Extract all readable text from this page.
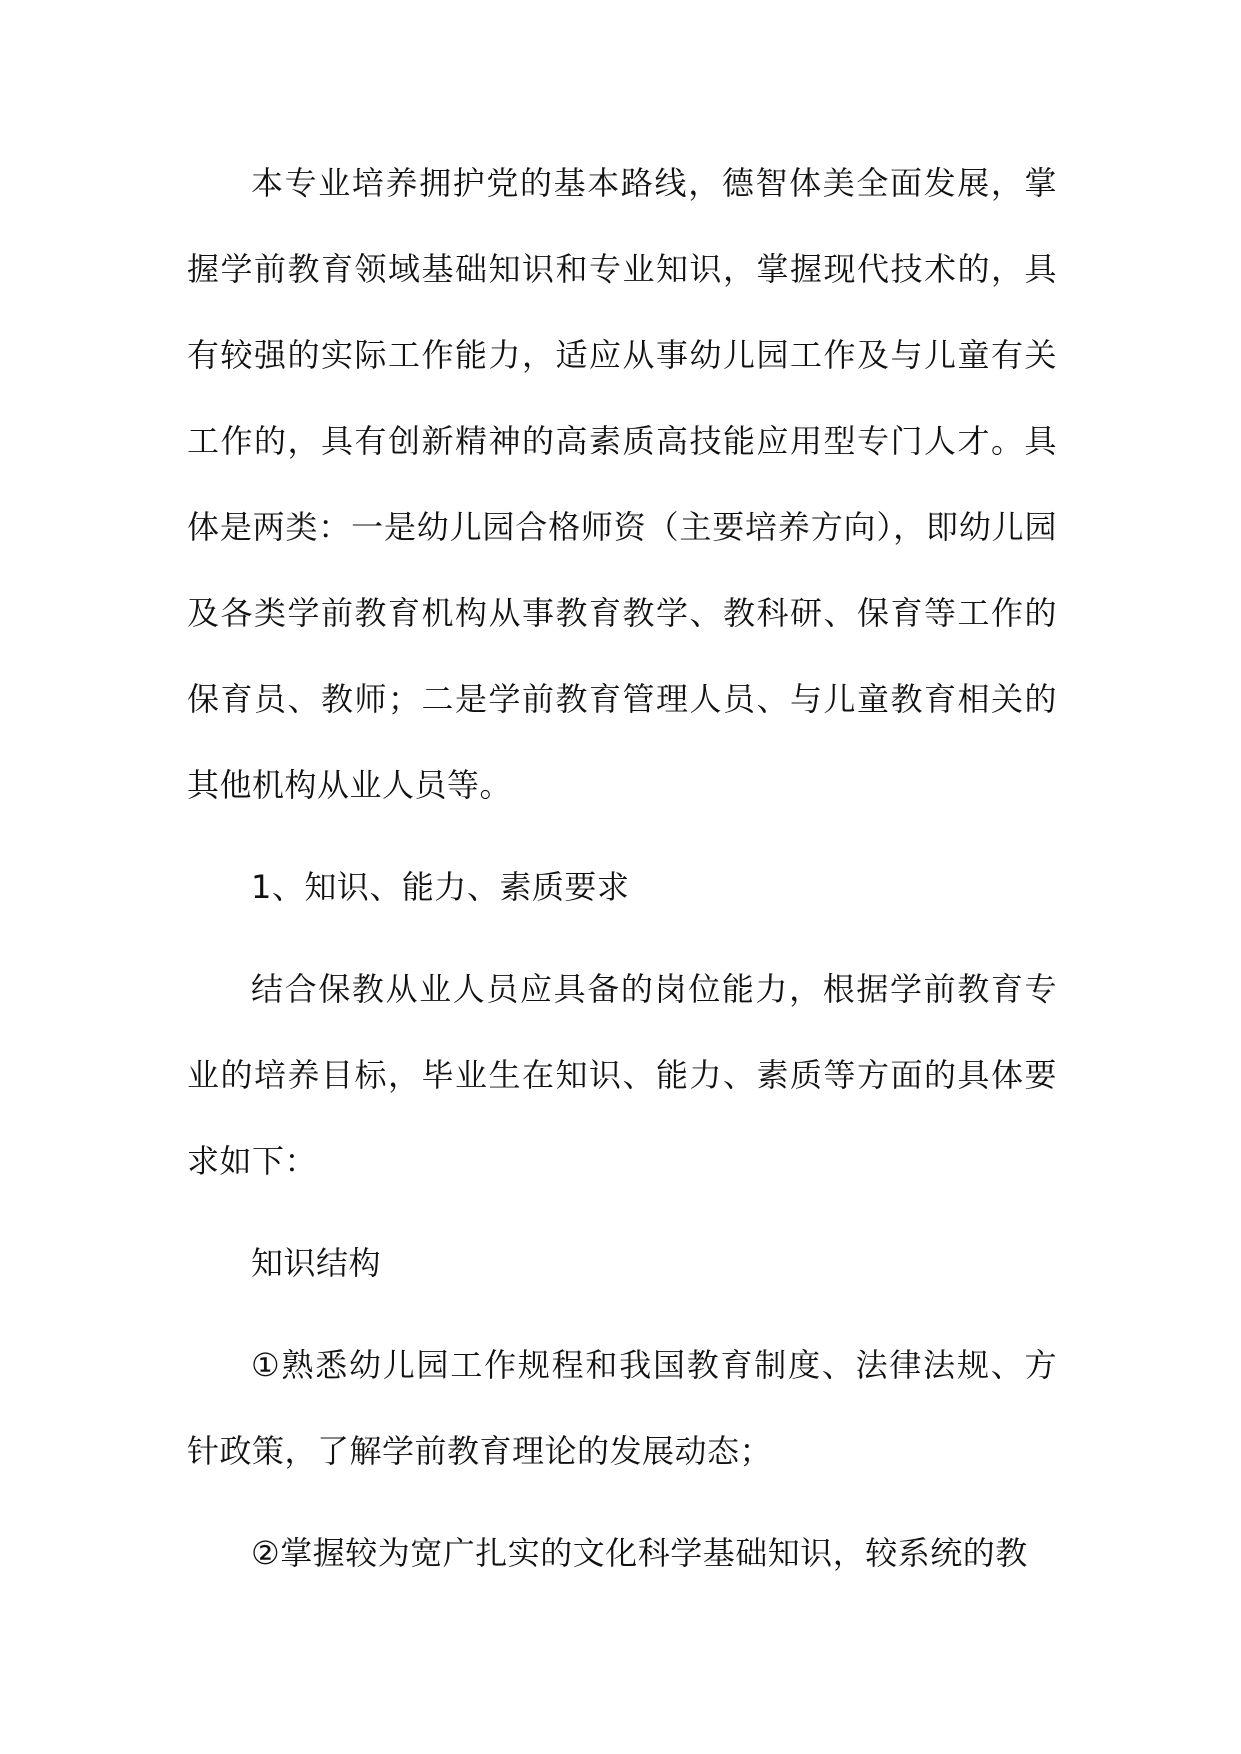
本专业培养拥护党的基本路线，德智体美全面发展，掌握学前教育领域基础知识和专业知识，掌握现代技术的，具有较强的实际工作能力，适应从事幼儿园工作及与儿童有关工作的，具有创新精神的高素质高技能应用型专门人才。具体是两类：一是幼儿园合格师资（主要培养方向），即幼儿园及各类学前教育机构从事教育教学、教科研、保育等工作的保育员、教师；二是学前教育管理人员、与儿童教育相关的其他机构从业人员等。

1、知识、能力、素质要求

结合保教从业人员应具备的岗位能力，根据学前教育专业的培养目标，毕业生在知识、能力、素质等方面的具体要求如下：

知识结构

①熟悉幼儿园工作规程和我国教育制度、法律法规、方针政策，了解学前教育理论的发展动态；

②掌握较为宽广扎实的文化科学基础知识，较系统的教
